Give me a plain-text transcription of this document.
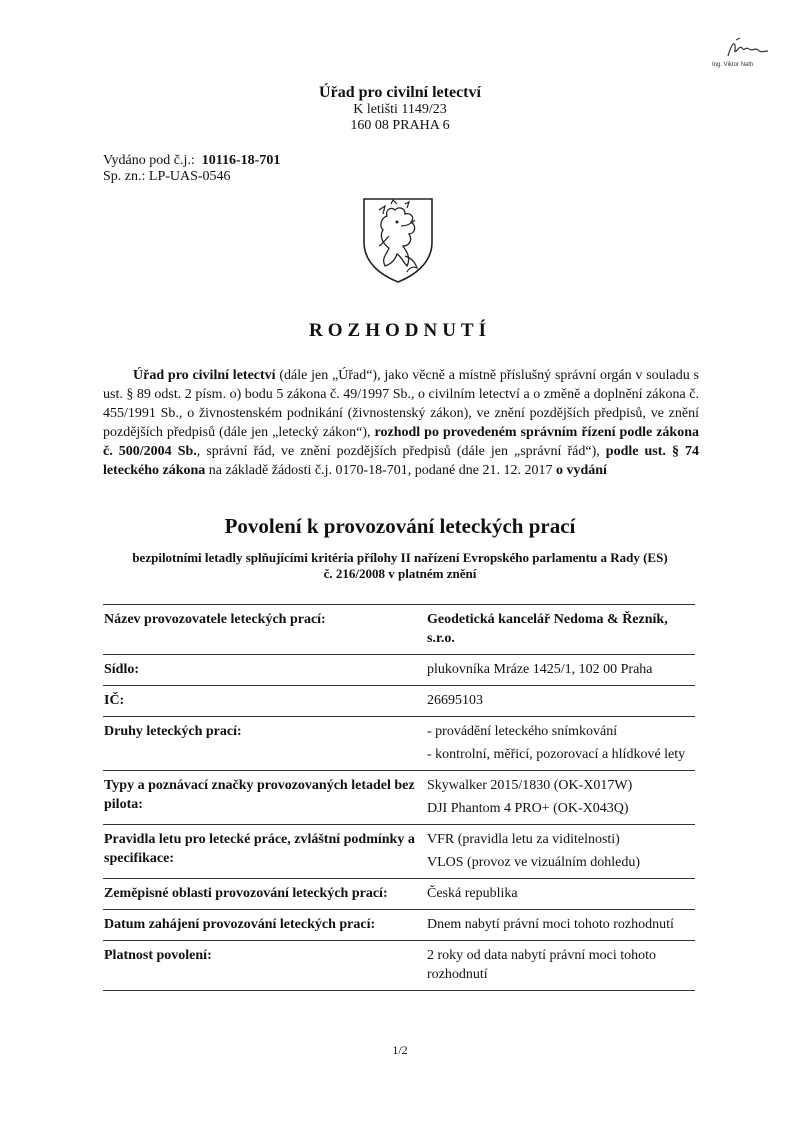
Ing. Viktor Nath
Úřad pro civilní letectví
K letišti 1149/23
160 08 PRAHA 6
Vydáno pod č.j.: 10116-18-701
Sp. zn.: LP-UAS-0546
ROZHODNUTÍ
Úřad pro civilní letectví (dále jen „Úřad“), jako věcně a místně příslušný správní orgán v souladu s ust. § 89 odst. 2 písm. o) bodu 5 zákona č. 49/1997 Sb., o civilním letectví a o změně a doplnění zákona č. 455/1991 Sb., o živnostenském podnikání (živnostenský zákon), ve znění pozdějších předpisů, ve znění pozdějších předpisů (dále jen „letecký zákon“), rozhodl po provedeném správním řízení podle zákona č. 500/2004 Sb., správní řád, ve znění pozdějších předpisů (dále jen „správní řád“), podle ust. § 74 leteckého zákona na základě žádosti č.j. 0170-18-701, podané dne 21. 12. 2017 o vydání
Povolení k provozování leteckých prací
bezpilotními letadly splňujícími kritéria přílohy II nařízení Evropského parlamentu a Rady (ES) č. 216/2008 v platném znění
Název provozovatele leteckých prací:	Geodetická kancelář Nedoma & Řezník, s.r.o.
Sídlo:	plukovníka Mráze 1425/1, 102 00 Praha
IČ:	26695103
Druhy leteckých prací:	- provádění leteckého snímkování
- kontrolní, měřicí, pozorovací a hlídkové lety
Typy a poznávací značky provozovaných letadel bez pilota:
Skywalker 2015/1830 (OK-X017W)
DJI Phantom 4 PRO+ (OK-X043Q)
Pravidla letu pro letecké práce, zvláštní podmínky a specifikace:
VFR (pravidla letu za viditelnosti)
VLOS (provoz ve vizuálním dohledu)
Zeměpisné oblasti provozování leteckých prací:	Česká republika
Datum zahájení provozování leteckých prací:	Dnem nabytí právní moci tohoto rozhodnutí
Platnost povolení:	2 roky od data nabytí právní moci tohoto rozhodnutí
1/2
